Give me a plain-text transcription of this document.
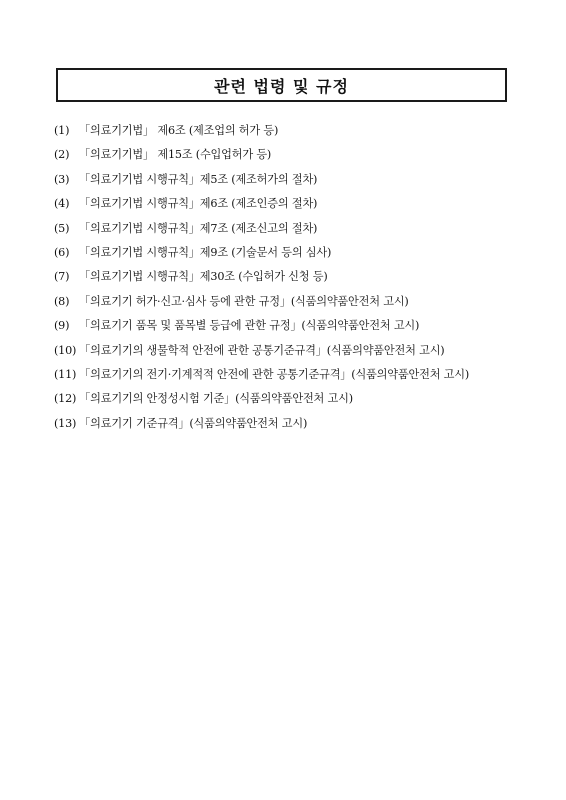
관련 법령 및 규정
(1) 「의료기기법」 제6조 (제조업의 허가 등)
(2) 「의료기기법」 제15조 (수입업허가 등)
(3) 「의료기기법 시행규칙」제5조 (제조허가의 절차)
(4) 「의료기기법 시행규칙」제6조 (제조인증의 절차)
(5) 「의료기기법 시행규칙」제7조 (제조신고의 절차)
(6) 「의료기기법 시행규칙」제9조 (기술문서 등의 심사)
(7) 「의료기기법 시행규칙」제30조 (수입허가 신청 등)
(8) 「의료기기 허가·신고·심사 등에 관한 규정」(식품의약품안전처 고시)
(9) 「의료기기 품목 및 품목별 등급에 관한 규정」(식품의약품안전처 고시)
(10) 「의료기기의 생물학적 안전에 관한 공통기준규격」(식품의약품안전처 고시)
(11) 「의료기기의 전기·기계적적 안전에 관한 공통기준규격」(식품의약품안전처 고시)
(12) 「의료기기의 안정성시험 기준」(식품의약품안전처 고시)
(13) 「의료기기 기준규격」(식품의약품안전처 고시)
